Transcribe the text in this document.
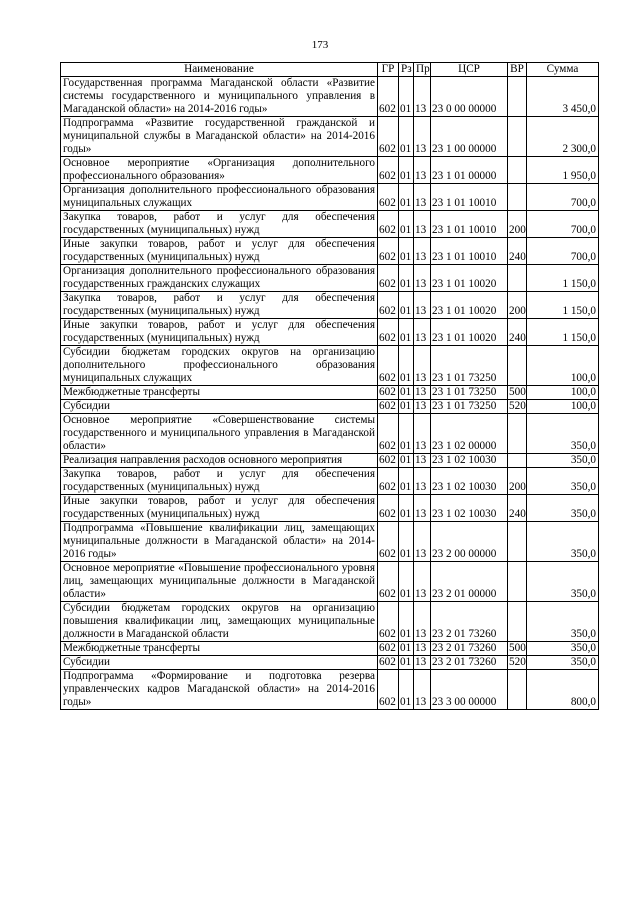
173
Наименование	ГР	Рз	Пр	ЦСР	ВР	Сумма
Государственная программа Магаданской области «Развитие системы государственного и муниципального управления в Магаданской области» на 2014-2016 годы»	602	01	13	23 0 00 00000		3 450,0
Подпрограмма «Развитие государственной гражданской и муниципальной службы в Магаданской области» на 2014-2016 годы»	602	01	13	23 1 00 00000		2 300,0
Основное мероприятие «Организация дополнительного профессионального образования»	602	01	13	23 1 01 00000		1 950,0
Организация дополнительного профессионального образования муниципальных служащих	602	01	13	23 1 01 10010		700,0
Закупка товаров, работ и услуг для обеспечения государственных (муниципальных) нужд	602	01	13	23 1 01 10010	200	700,0
Иные закупки товаров, работ и услуг для обеспечения государственных (муниципальных) нужд	602	01	13	23 1 01 10010	240	700,0
Организация дополнительного профессионального образования государственных гражданских служащих	602	01	13	23 1 01 10020		1 150,0
Закупка товаров, работ и услуг для обеспечения государственных (муниципальных) нужд	602	01	13	23 1 01 10020	200	1 150,0
Иные закупки товаров, работ и услуг для обеспечения государственных (муниципальных) нужд	602	01	13	23 1 01 10020	240	1 150,0
Субсидии бюджетам городских округов на организацию дополнительного профессионального образования муниципальных служащих	602	01	13	23 1 01 73250		100,0
Межбюджетные трансферты	602	01	13	23 1 01 73250	500	100,0
Субсидии	602	01	13	23 1 01 73250	520	100,0
Основное мероприятие «Совершенствование системы государственного и муниципального управления в Магаданской области»	602	01	13	23 1 02 00000		350,0
Реализация направления расходов основного мероприятия	602	01	13	23 1 02 10030		350,0
Закупка товаров, работ и услуг для обеспечения государственных (муниципальных) нужд	602	01	13	23 1 02 10030	200	350,0
Иные закупки товаров, работ и услуг для обеспечения государственных (муниципальных) нужд	602	01	13	23 1 02 10030	240	350,0
Подпрограмма «Повышение квалификации лиц, замещающих муниципальные должности в Магаданской области» на 2014-2016 годы»	602	01	13	23 2 00 00000		350,0
Основное мероприятие «Повышение профессионального уровня лиц, замещающих муниципальные должности в Магаданской области»	602	01	13	23 2 01 00000		350,0
Субсидии бюджетам городских округов на организацию повышения квалификации лиц, замещающих муниципальные должности в Магаданской области	602	01	13	23 2 01 73260		350,0
Межбюджетные трансферты	602	01	13	23 2 01 73260	500	350,0
Субсидии	602	01	13	23 2 01 73260	520	350,0
Подпрограмма «Формирование и подготовка резерва управленческих кадров Магаданской области» на 2014-2016 годы»	602	01	13	23 3 00 00000		800,0
